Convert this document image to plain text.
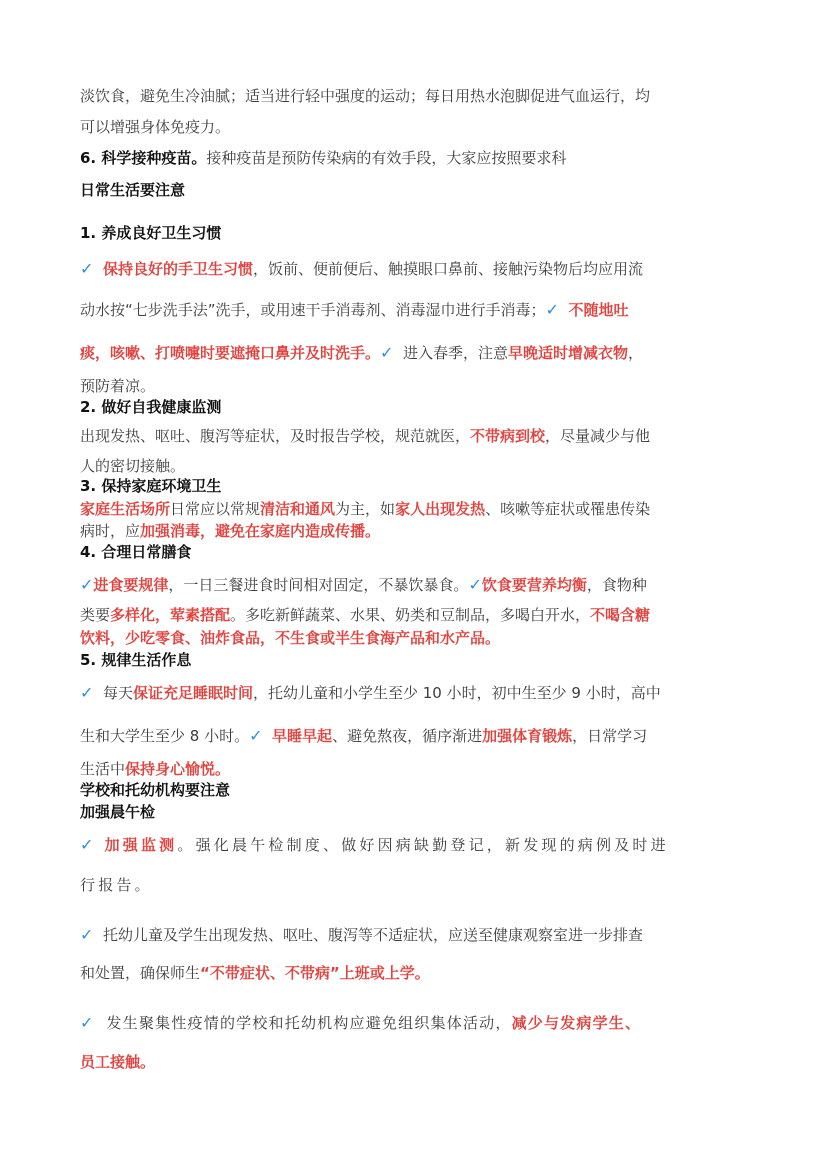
淡饮食，避免生冷油腻；适当进行轻中强度的运动；每日用热水泡脚促进气血运行，均
可以增强身体免疫力。
6. 科学接种疫苗。接种疫苗是预防传染病的有效手段，大家应按照要求科
日常生活要注意
1. 养成良好卫生习惯
✓ 保持良好的手卫生习惯，饭前、便前便后、触摸眼口鼻前、接触污染物后均应用流
动水按“七步洗手法”洗手，或用速干手消毒剂、消毒湿巾进行手消毒；✓ 不随地吐
痰，咳嗽、打喷嚏时要遮掩口鼻并及时洗手。✓ 进入春季，注意早晚适时增减衣物，
预防着凉。
2. 做好自我健康监测
出现发热、呕吐、腹泻等症状，及时报告学校，规范就医，不带病到校，尽量减少与他
人的密切接触。
3. 保持家庭环境卫生
家庭生活场所日常应以常规清洁和通风为主，如家人出现发热、咳嗽等症状或罹患传染
病时，应加强消毒，避免在家庭内造成传播。
4. 合理日常膳食
✓进食要规律，一日三餐进食时间相对固定，不暴饮暴食。✓饮食要营养均衡，食物种
类要多样化，荤素搭配。多吃新鲜蔬菜、水果、奶类和豆制品，多喝白开水，不喝含糖
饮料，少吃零食、油炸食品，不生食或半生食海产品和水产品。
5. 规律生活作息
✓ 每天保证充足睡眠时间，托幼儿童和小学生至少 10 小时，初中生至少 9 小时，高中
生和大学生至少 8 小时。✓ 早睡早起、避免熬夜，循序渐进加强体育锻炼，日常学习
生活中保持身心愉悦。
学校和托幼机构要注意
加强晨午检
✓ 加强监测。强化晨午检制度、做好因病缺勤登记，新发现的病例及时进
行报告。
✓ 托幼儿童及学生出现发热、呕吐、腹泻等不适症状，应送至健康观察室进一步排查
和处置，确保师生“不带症状、不带病”上班或上学。
✓ 发生聚集性疫情的学校和托幼机构应避免组织集体活动，减少与发病学生、
员工接触。
